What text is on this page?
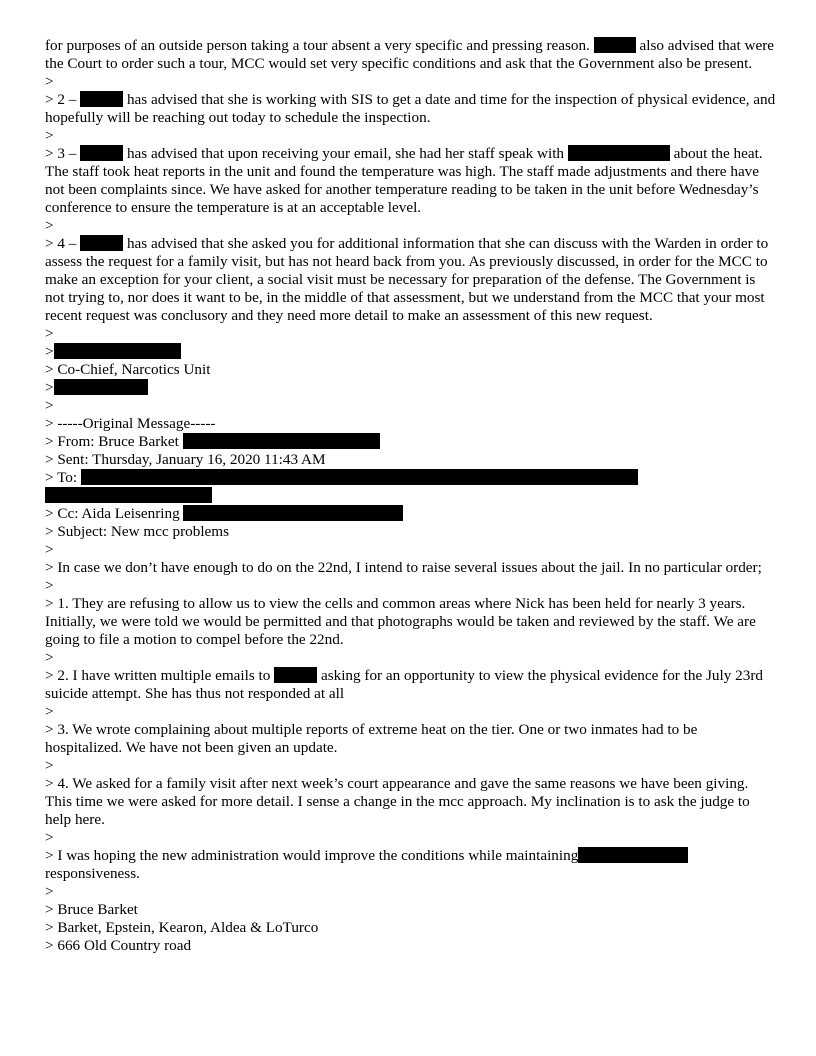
for purposes of an outside person taking a tour absent a very specific and pressing reason.	also advised that were the Court to order such a tour, MCC would set very specific conditions and ask that the Government also be present.

>

> 2 –	has advised that she is working with SIS to get a date and time for the inspection of physical evidence, and hopefully will be reaching out today to schedule the inspection.

>

> 3 –	has advised that upon receiving your email, she had her staff speak with	about the heat. The staff took heat reports in the unit and found the temperature was high. The staff made adjustments and there have not been complaints since. We have asked for another temperature reading to be taken in the unit before Wednesday’s conference to ensure the temperature is at an acceptable level.

>

> 4 –	has advised that she asked you for additional information that she can discuss with the Warden in order to assess the request for a family visit, but has not heard back from you. As previously discussed, in order for the MCC to make an exception for your client, a social visit must be necessary for preparation of the defense. The Government is not trying to, nor does it want to be, in the middle of that assessment, but we understand from the MCC that your most recent request was conclusory and they need more detail to make an assessment of this new request.

>

>

> Co-Chief, Narcotics Unit

>

>

> -----Original Message-----

> From: Bruce Barket

> Sent: Thursday, January 16, 2020 11:43 AM

> To:

> Cc: Aida Leisenring

> Subject: New mcc problems

>

> In case we don’t have enough to do on the 22nd, I intend to raise several issues about the jail. In no particular order;

>

> 1. They are refusing to allow us to view the cells and common areas where Nick has been held for nearly 3 years. Initially, we were told we would be permitted and that photographs would be taken and reviewed by the staff. We are going to file a motion to compel before the 22nd.

>

> 2. I have written multiple emails to	asking for an opportunity to view the physical evidence for the July 23rd suicide attempt. She has thus not responded at all

>

> 3. We wrote complaining about multiple reports of extreme heat on the tier. One or two inmates had to be hospitalized. We have not been given an update.

>

> 4. We asked for a family visit after next week’s court appearance and gave the same reasons we have been giving. This time we were asked for more detail. I sense a change in the mcc approach. My inclination is to ask the judge to help here.

>

> I was hoping the new administration would improve the conditions while maintaining	responsiveness.

>

> Bruce Barket

> Barket, Epstein, Kearon, Aldea & LoTurco

> 666 Old Country road
